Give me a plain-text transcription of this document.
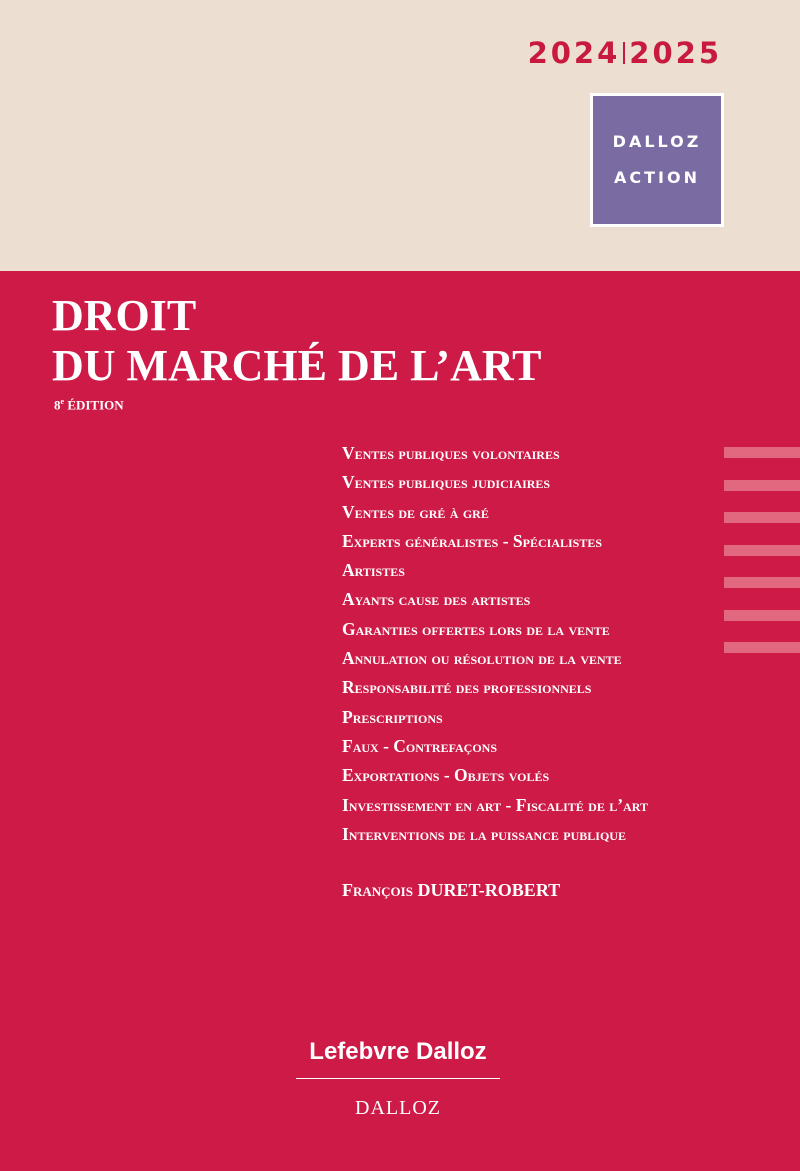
2024 2025
DALLOZ
ACTION
DROIT
DU MARCHÉ DE L’ART
8e ÉDITION
Ventes publiques volontaires
Ventes publiques judiciaires
Ventes de gré à gré
Experts généralistes - Spécialistes
Artistes
Ayants cause des artistes
Garanties offertes lors de la vente
Annulation ou résolution de la vente
Responsabilité des professionnels
Prescriptions
Faux - Contrefaçons
Exportations - Objets volés
Investissement en art - Fiscalité de l’art
Interventions de la puissance publique
François DURET-ROBERT
Lefebvre Dalloz
DALLOZ
